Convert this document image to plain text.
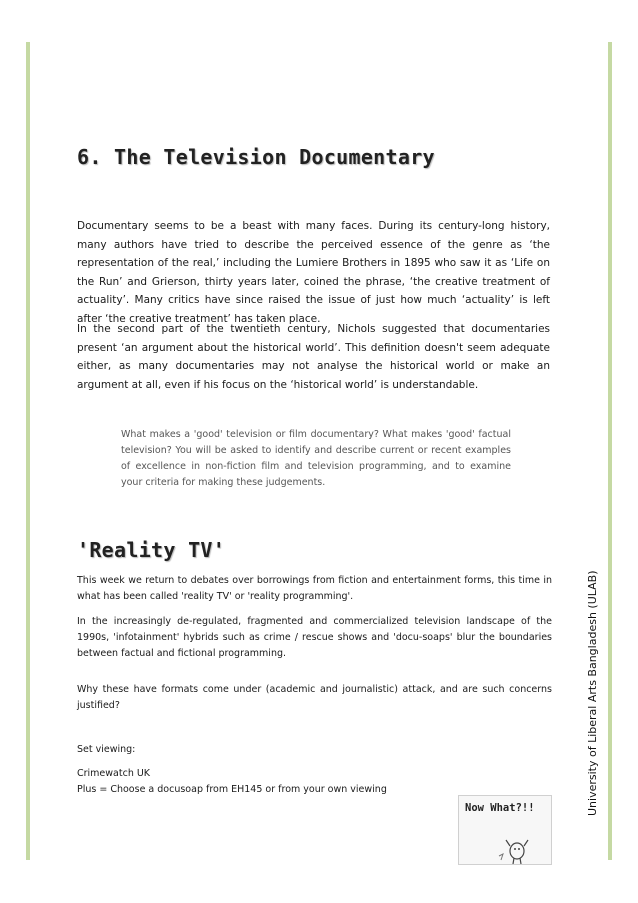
6. The Television Documentary

Documentary seems to be a beast with many faces. During its century-long history, many authors have tried to describe the perceived essence of the genre as ‘the representation of the real,’ including the Lumiere Brothers in 1895 who saw it as ‘Life on the Run’ and Grierson, thirty years later, coined the phrase, ‘the creative treatment of actuality’. Many critics have since raised the issue of just how much ‘actuality’ is left after ‘the creative treatment’ has taken place.

In the second part of the twentieth century, Nichols suggested that documentaries present ‘an argument about the historical world’. This definition doesn't seem adequate either, as many documentaries may not analyse the historical world or make an argument at all, even if his focus on the ‘historical world’ is understandable.

What makes a 'good' television or film documentary? What makes 'good' factual television? You will be asked to identify and describe current or recent examples of excellence in non-fiction film and television programming, and to examine your criteria for making these judgements.

'Reality TV'

This week we return to debates over borrowings from fiction and entertainment forms, this time in what has been called 'reality TV' or 'reality programming'.

In the increasingly de-regulated, fragmented and commercialized television landscape of the 1990s, 'infotainment' hybrids such as crime / rescue shows and 'docu-soaps' blur the boundaries between factual and fictional programming.

Why these have formats come under (academic and journalistic) attack, and are such concerns justified?

Set viewing:

Crimewatch UK

Plus = Choose a docusoap from EH145 or from your own viewing	University of Liberal Arts Bangladesh (ULAB)
Now What?!!
